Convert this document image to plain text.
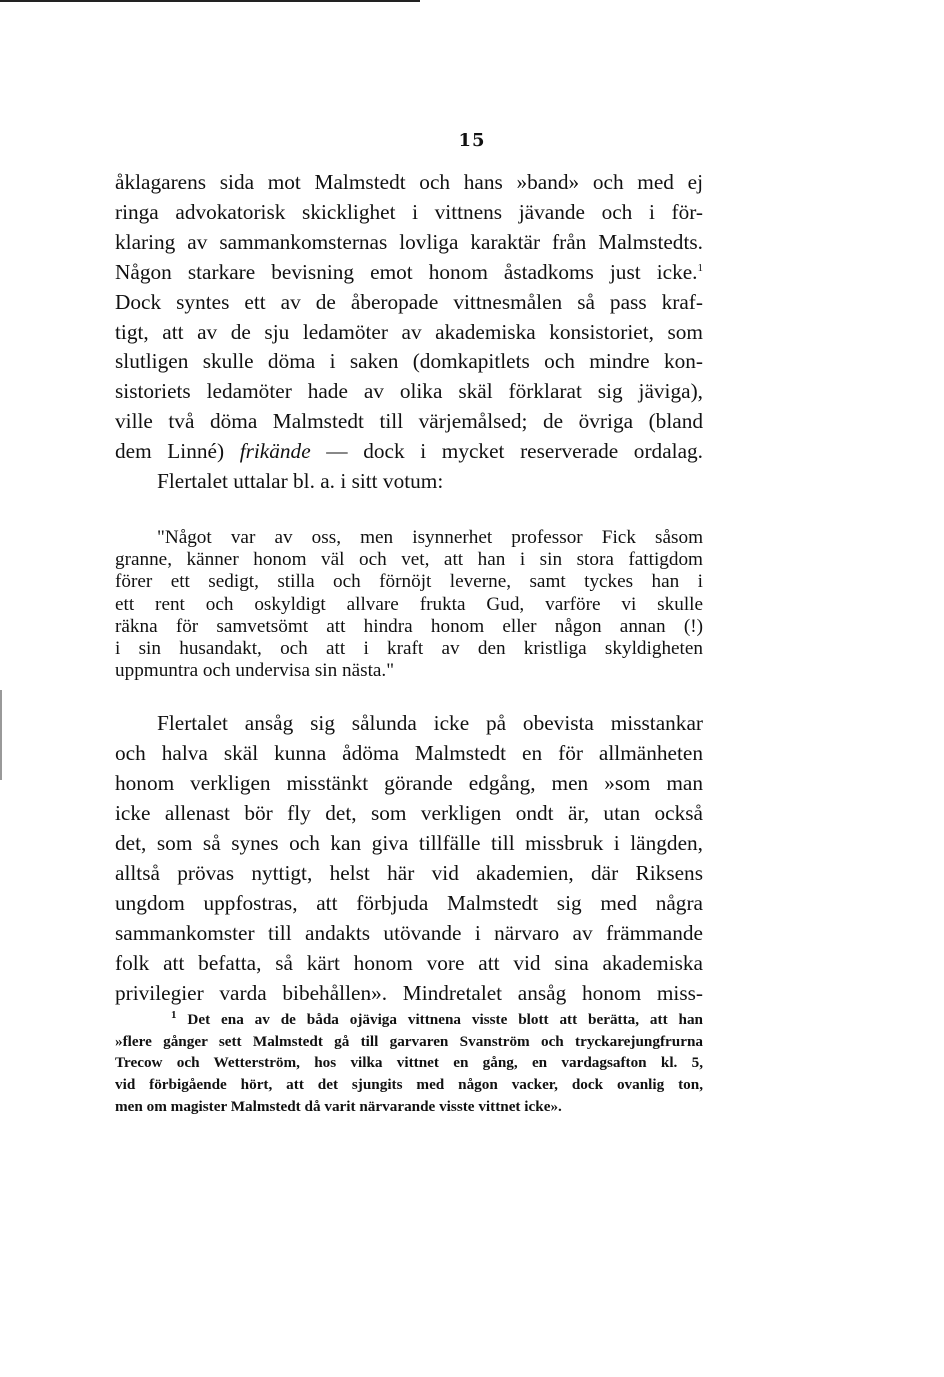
15

åklagarens sida mot Malmstedt och hans »band» och med ej
ringa advokatorisk skicklighet i vittnens jävande och i för-
klaring av sammankomsternas lovliga karaktär från Malmstedts.
Någon starkare bevisning emot honom åstadkoms just icke.$^1$
Dock syntes ett av de åberopade vittnesmålen så pass kraf-
tigt, att av de sju ledamöter av akademiska konsistoriet, som
slutligen skulle döma i saken (domkapitlets och mindre kon-
sistoriets ledamöter hade av olika skäl förklarat sig jäviga),
ville två döma Malmstedt till värjemålsed; de övriga (bland
dem Linné) frikände — dock i mycket reserverade ordalag.

Flertalet uttalar bl. a. i sitt votum:

"Något var av oss, men isynnerhet professor Fick såsom
granne, känner honom väl och vet, att han i sin stora fattigdom
förer ett sedigt, stilla och förnöjt leverne, samt tyckes han i
ett rent och oskyldigt allvare frukta Gud, varföre vi skulle
räkna för samvetsömt att hindra honom eller någon annan (!)
i sin husandakt, och att i kraft av den kristliga skyldigheten
uppmuntra och undervisa sin nästa."

Flertalet ansåg sig sålunda icke på obevista misstankar
och halva skäl kunna ådöma Malmstedt en för allmänheten
honom verkligen misstänkt görande edgång, men »som man
icke allenast bör fly det, som verkligen ondt är, utan också
det, som så synes och kan giva tillfälle till missbruk i längden,
alltså prövas nyttigt, helst här vid akademien, där Riksens
ungdom uppfostras, att förbjuda Malmstedt sig med några
sammankomster till andakts utövande i närvaro av främmande
folk att befatta, så kärt honom vore att vid sina akademiska
privilegier varda bibehållen». Mindretalet ansåg honom miss-

$^1$ Det ena av de båda ojäviga vittnena visste blott att berätta, att han
»flere gånger sett Malmstedt gå till garvaren Svanström och tryckarejungfrurna
Trecow och Wetterström, hos vilka vittnet en gång, en vardagsafton kl. 5,
vid förbigående hört, att det sjungits med någon vacker, dock ovanlig ton,
men om magister Malmstedt då varit närvarande visste vittnet icke».
